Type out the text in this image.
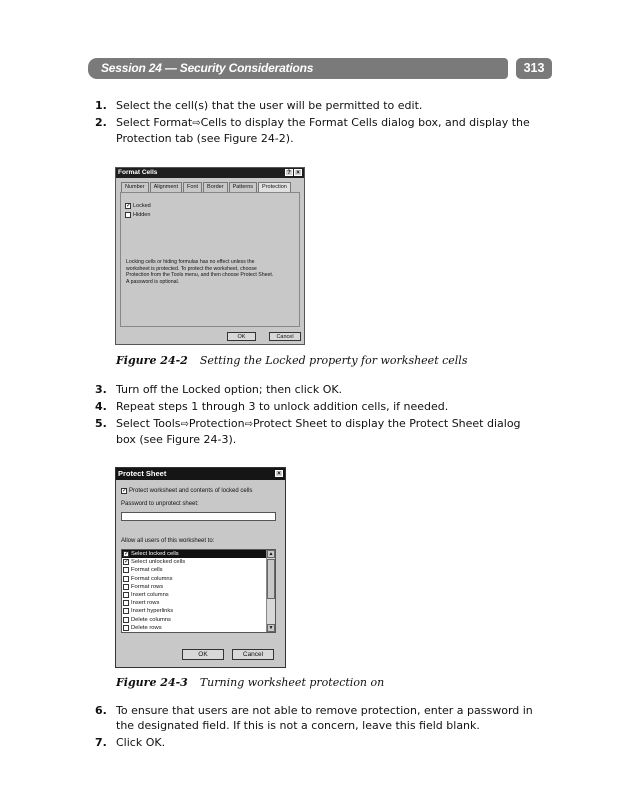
Session 24 — Security Considerations	313
1. Select the cell(s) that the user will be permitted to edit.
2. Select Format⇨Cells to display the Format Cells dialog box, and display the Protection tab (see Figure 24-2).
Format Cells	? ×
Number	Alignment	Font	Border	Patterns	Protection
✓ Locked
Hidden
Locking cells or hiding formulas has no effect unless the worksheet is protected. To protect the worksheet, choose Protection from the Tools menu, and then choose Protect Sheet. A password is optional.
OK	Cancel
Figure 24-2 Setting the Locked property for worksheet cells
3. Turn off the Locked option; then click OK.
4. Repeat steps 1 through 3 to unlock addition cells, if needed.
5. Select Tools⇨Protection⇨Protect Sheet to display the Protect Sheet dialog box (see Figure 24-3).
Protect Sheet	×
✓ Protect worksheet and contents of locked cells
Password to unprotect sheet:
Allow all users of this worksheet to:
✓ Select locked cells
✓ Select unlocked cells
Format cells
Format columns
Format rows
Insert columns
Insert rows
Insert hyperlinks
Delete columns
Delete rows
▲
▼
OK	Cancel
Figure 24-3 Turning worksheet protection on
6. To ensure that users are not able to remove protection, enter a password in the designated field. If this is not a concern, leave this field blank.
7. Click OK.
